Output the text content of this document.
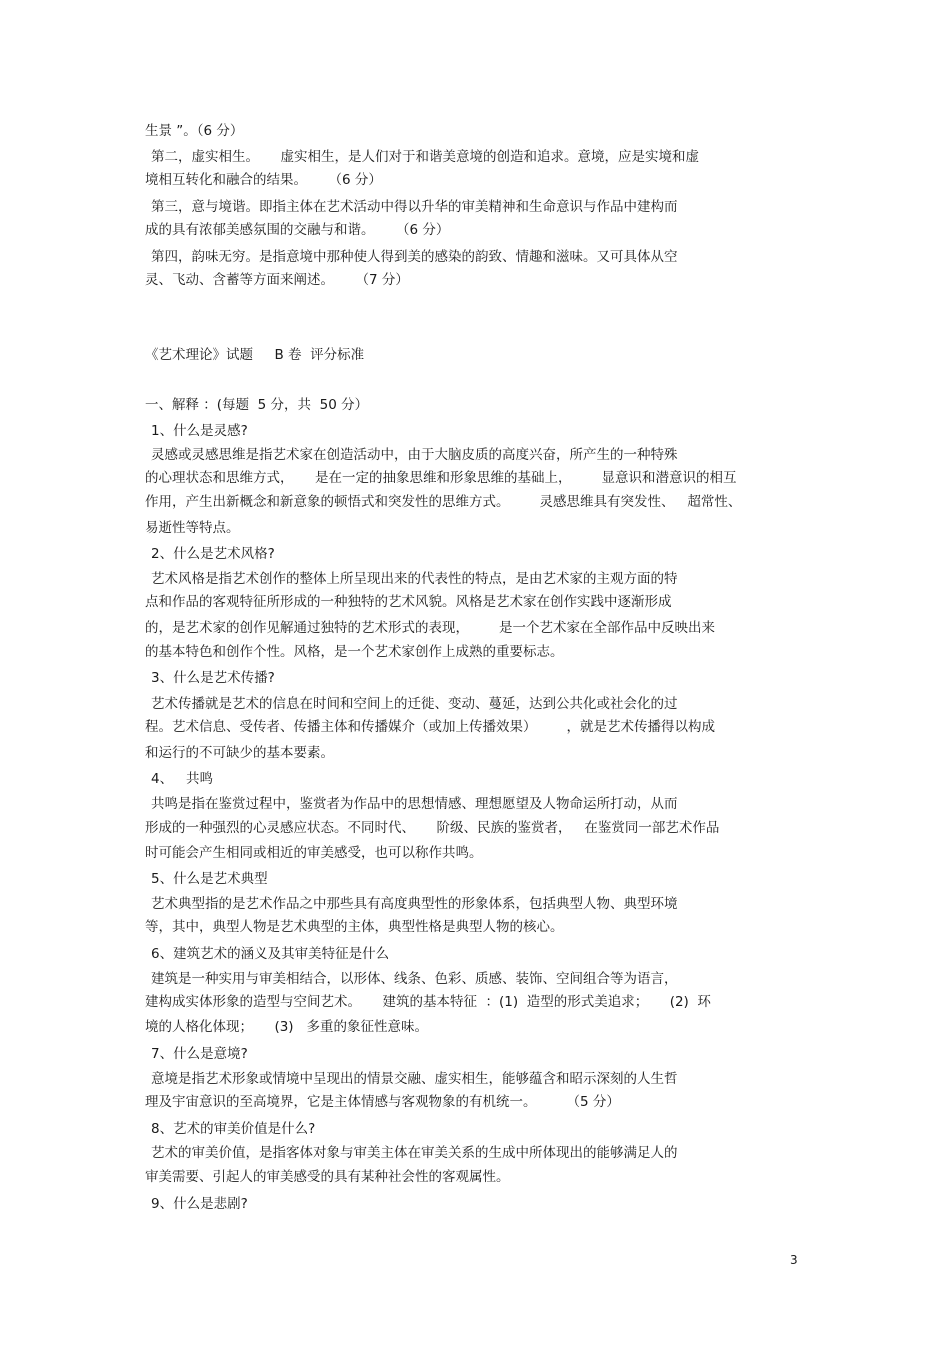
生景 ”。（6 分）
第二，虚实相生。     虚实相生，是人们对于和谐美意境的创造和追求。意境，应是实境和虚
境相互转化和融合的结果。     （6 分）
第三，意与境谐。即指主体在艺术活动中得以升华的审美精神和生命意识与作品中建构而
成的具有浓郁美感氛围的交融与和谐。     （6 分）
第四，韵味无穷。是指意境中那种使人得到美的感染的韵致、情趣和滋味。又可具体从空
灵、飞动、含蓄等方面来阐述。     （7 分）
《艺术理论》试题     B 卷  评分标准
一、解释 ：(每题  5 分，共  50 分）
1、什么是灵感?
灵感或灵感思维是指艺术家在创造活动中，由于大脑皮质的高度兴奋，所产生的一种特殊
的心理状态和思维方式，     是在一定的抽象思维和形象思维的基础上，       显意识和潜意识的相互
作用，产生出新概念和新意象的顿悟式和突发性的思维方式。       灵感思维具有突发性、   超常性、
易逝性等特点。
2、什么是艺术风格?
艺术风格是指艺术创作的整体上所呈现出来的代表性的特点，是由艺术家的主观方面的特
点和作品的客观特征所形成的一种独特的艺术风貌。风格是艺术家在创作实践中逐渐形成
的，是艺术家的创作见解通过独特的艺术形式的表现，       是一个艺术家在全部作品中反映出来
的基本特色和创作个性。风格，是一个艺术家创作上成熟的重要标志。
3、什么是艺术传播?
艺术传播就是艺术的信息在时间和空间上的迁徙、变动、蔓延，达到公共化或社会化的过
程。艺术信息、受传者、传播主体和传播媒介（或加上传播效果）       ，就是艺术传播得以构成
和运行的不可缺少的基本要素。
4、   共鸣
共鸣是指在鉴赏过程中，鉴赏者为作品中的思想情感、理想愿望及人物命运所打动，从而
形成的一种强烈的心灵感应状态。不同时代、     阶级、民族的鉴赏者，   在鉴赏同一部艺术作品
时可能会产生相同或相近的审美感受，也可以称作共鸣。
5、什么是艺术典型
艺术典型指的是艺术作品之中那些具有高度典型性的形象体系，包括典型人物、典型环境
等，其中，典型人物是艺术典型的主体，典型性格是典型人物的核心。
6、建筑艺术的涵义及其审美特征是什么
建筑是一种实用与审美相结合，以形体、线条、色彩、质感、装饰、空间组合等为语言，
建构成实体形象的造型与空间艺术。     建筑的基本特征  ：(1)  造型的形式美追求；     (2)  环
境的人格化体现；     (3)   多重的象征性意味。
7、什么是意境?
意境是指艺术形象或情境中呈现出的情景交融、虚实相生，能够蕴含和昭示深刻的人生哲
理及宇宙意识的至高境界，它是主体情感与客观物象的有机统一。       （5 分）
8、艺术的审美价值是什么?
艺术的审美价值，是指客体对象与审美主体在审美关系的生成中所体现出的能够满足人的
审美需要、引起人的审美感受的具有某种社会性的客观属性。
9、什么是悲剧?
3
